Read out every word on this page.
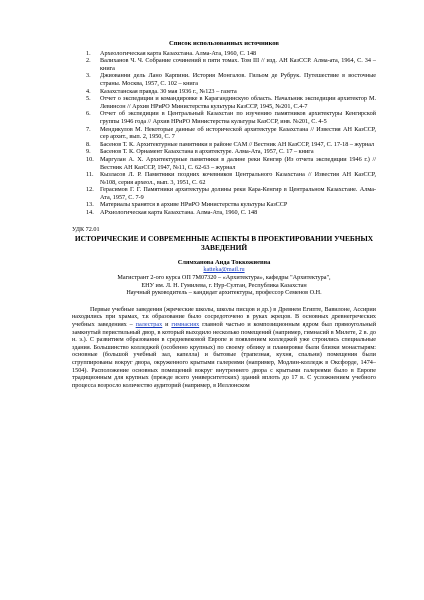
Список использованных источников
1.	Археологическая карта Казахстана. Алма-Ата, 1960, С. 148
2.	Валиханов Ч. Ч. Собрание сочинений в пяти томах. Том III // изд. АН КазССР. Алма-ата, 1964, С. 34 – книга
3.	Джиованни дель Лано Карпини. История Монгалов. Гильом де Рубрук. Путешествие в восточные страны. Москва, 1957, С. 102 – книга
4.	Казахстанская правда. 30 мая 1936 г., №123 – газета
5.	Отчет о экспедиции и командировке в Карагандинскую область. Начальник экспедиции архитектор М. Левинсон // Архив НРиРО Министерства культуры КазССР, 1945, №201, С.4-7
6.	Отчет об экспедиции в Центральный Казахстан по изучению памятников архитектуры Кенгирской группы 1946 года // Архив НРиРО Министерства культуры КазССР, инв. №201, С. 4-5
7.	Мендикулов М. Некоторые данные об исторической архитектуре Казахстана // Известия АН КазССР, сер архит., вып. 2, 1950, С. 7
8.	Басенов Т. К. Архитектурные памятники в районе САМ // Вестник АН КазССР, 1947, С. 17-18 – журнал
9.	Басенов Т. К. Орнамент Казахстана в архитектуре. Алма-Ата, 1957, С. 17 – книга
10.	Маргулан А. Х. Архитектурные памятники в далине реки Кенгир (Из отчета экспедиции 1946 г.) // Вестник АН КазССР, 1947, №11, С. 62-63 – журнал
11.	Кызласов Л. Р. Памятники поздних кочевников Центрального Казахстана // Известия АН КазССР, №108, серия археол., вып. 3, 1951, С. 62
12.	Герасимов Г. Г. Памятники архитектуры долины реки Кара-Кенгир в Центральном Казахстане. Алма-Ата, 1957, С. 7-9
13.	Материалы хранятся в архиве НРиРО Министерства культуры КазССР
14.	АРхиологическая карта Казахстана. Алма-Ата, 1960, С. 148
УДК 72.01
ИСТОРИЧЕСКИЕ И СОВРЕМЕННЫЕ АСПЕКТЫ В ПРОЕКТИРОВАНИИ УЧЕБНЫХ ЗАВЕДЕНИЙ
Слямханова Аида Токкожиевна
katteka@mail.ru
Магистрант 2-ого курса ОП 7М07320 – «Архитектура», кафедры "Архитектура",
ЕНУ им. Л. Н. Гумилева, г. Нур-Султан, Республика Казахстан
Научный руководитель – кандидат архитектуры, профессор Семенов О.Н.
Первые учебные заведения (жреческие школы, школы писцов и др.) в Древнем Египте, Вавилоне, Ассирии находились при храмах, т.к образование было сосредоточено в руках жрецов. В основных древнегреческих учебных заведениях – палестрах и гимнасиях главной частью и композиционным ядром был прямоугольный замкнутый перистильный двор, в который выходило несколько помещений (например, гимнасий в Милете, 2 в. до н. э.). С развитием образования в средневековой Европе и появлением колледжей уже строились специальные здания. Большинство колледжей (особенно крупных) по своему облику и планировке были близки монастырям: основные (большой учебный зал, капелла) и бытовые (трапезная, кухня, спальни) помещения были сгруппированы вокруг двора, окруженного крытыми галереями (например, Модлин-колледж в Оксфорде, 1474–1504). Расположение основных помещений вокруг внутреннего двора с крытыми галереями было в Европе традиционным для крупных (прежде всего университетских) зданий вплоть до 17 в. С усложнением учебного процесса возросло количество аудиторий (например, в Иеллонском
